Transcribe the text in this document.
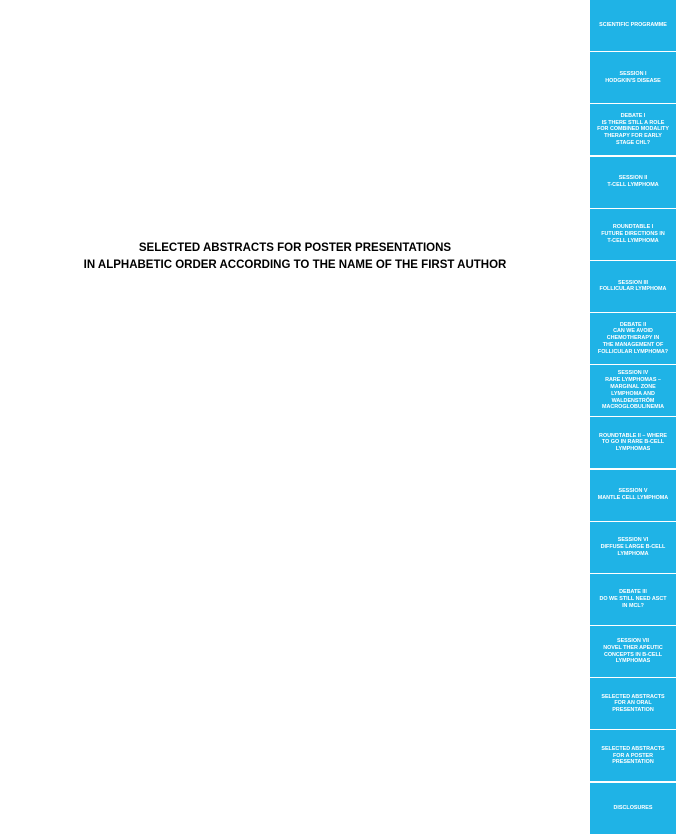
SELECTED ABSTRACTS FOR POSTER PRESENTATIONS
IN ALPHABETIC ORDER ACCORDING TO THE NAME OF THE FIRST AUTHOR
SCIENTIFIC PROGRAMME
SESSION I
HODGKIN'S DISEASE
DEBATE I
IS THERE STILL A ROLE
FOR COMBINED MODALITY
THERAPY FOR EARLY
STAGE CHL?
SESSION II
T-CELL LYMPHOMA
ROUNDTABLE I
FUTURE DIRECTIONS IN
T-CELL LYMPHOMA
SESSION III
FOLLICULAR LYMPHOMA
DEBATE II
CAN WE AVOID
CHEMOTHERAPY IN
THE MANAGEMENT OF
FOLLICULAR LYMPHOMA?
SESSION IV
RARE LYMPHOMAS –
MARGINAL ZONE
LYMPHOMA AND
WALDENSTRÖM
MACROGLOBULINEMIA
ROUNDTABLE II – WHERE
TO GO IN RARE B-CELL
LYMPHOMAS
SESSION V
MANTLE CELL LYMPHOMA
SESSION VI
DIFFUSE LARGE B-CELL
LYMPHOMA
DEBATE III
DO WE STILL NEED ASCT
IN MCL?
SESSION VII
NOVEL THER APEUTIC
CONCEPTS IN B-CELL
LYMPHOMAS
SELECTED ABSTRACTS
FOR AN ORAL
PRESENTATION
SELECTED ABSTRACTS
FOR A POSTER
PRESENTATION
DISCLOSURES
